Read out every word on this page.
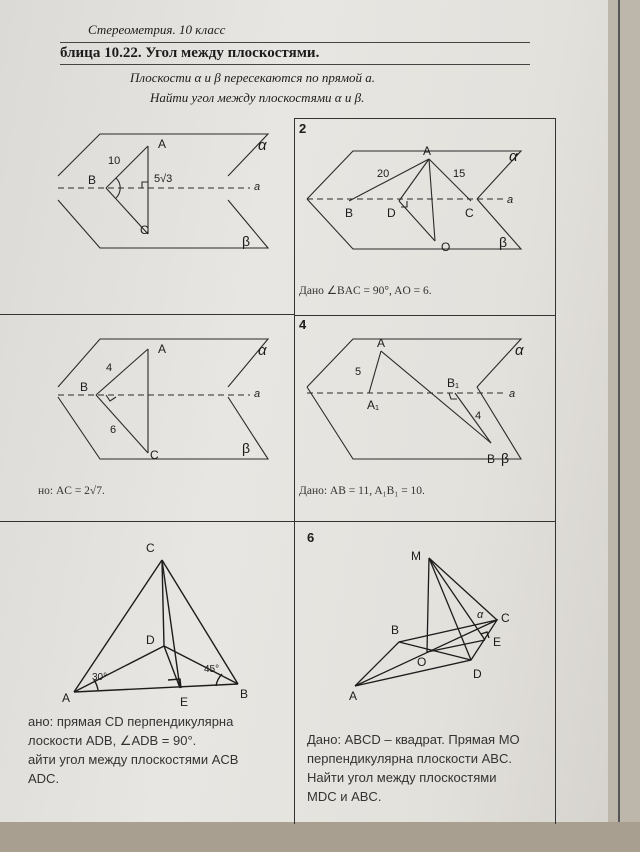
Стереометрия. 10 класс
блица 10.22. Угол между плоскостями.
Плоскости α и β пересекаются по прямой a.
Найти угол между плоскостями α и β.
A
B
C
10
5√3
α
β
a
2
A
B	C
D
O
20	15
α
β
a
Дано ∠BAC = 90°, AO = 6.
A
B
C
4
6
α
β
a
но: AC = 2√7.
4
A
A₁
B
B₁
5
4
α
β
a
Дано: AB = 11, A₁B₁ = 10.
A	B
C
D
E
30°
45°
ано: прямая CD перпендикулярна
лоскости ADB, ∠ADB = 90°.
айти угол между плоскостями ACB
ADC.
6
M
A
B
C
D
O
E
α
Дано: ABCD – квадрат. Прямая MO
перпендикулярна плоскости ABC.
Найти угол между плоскостями
MDC и ABC.
